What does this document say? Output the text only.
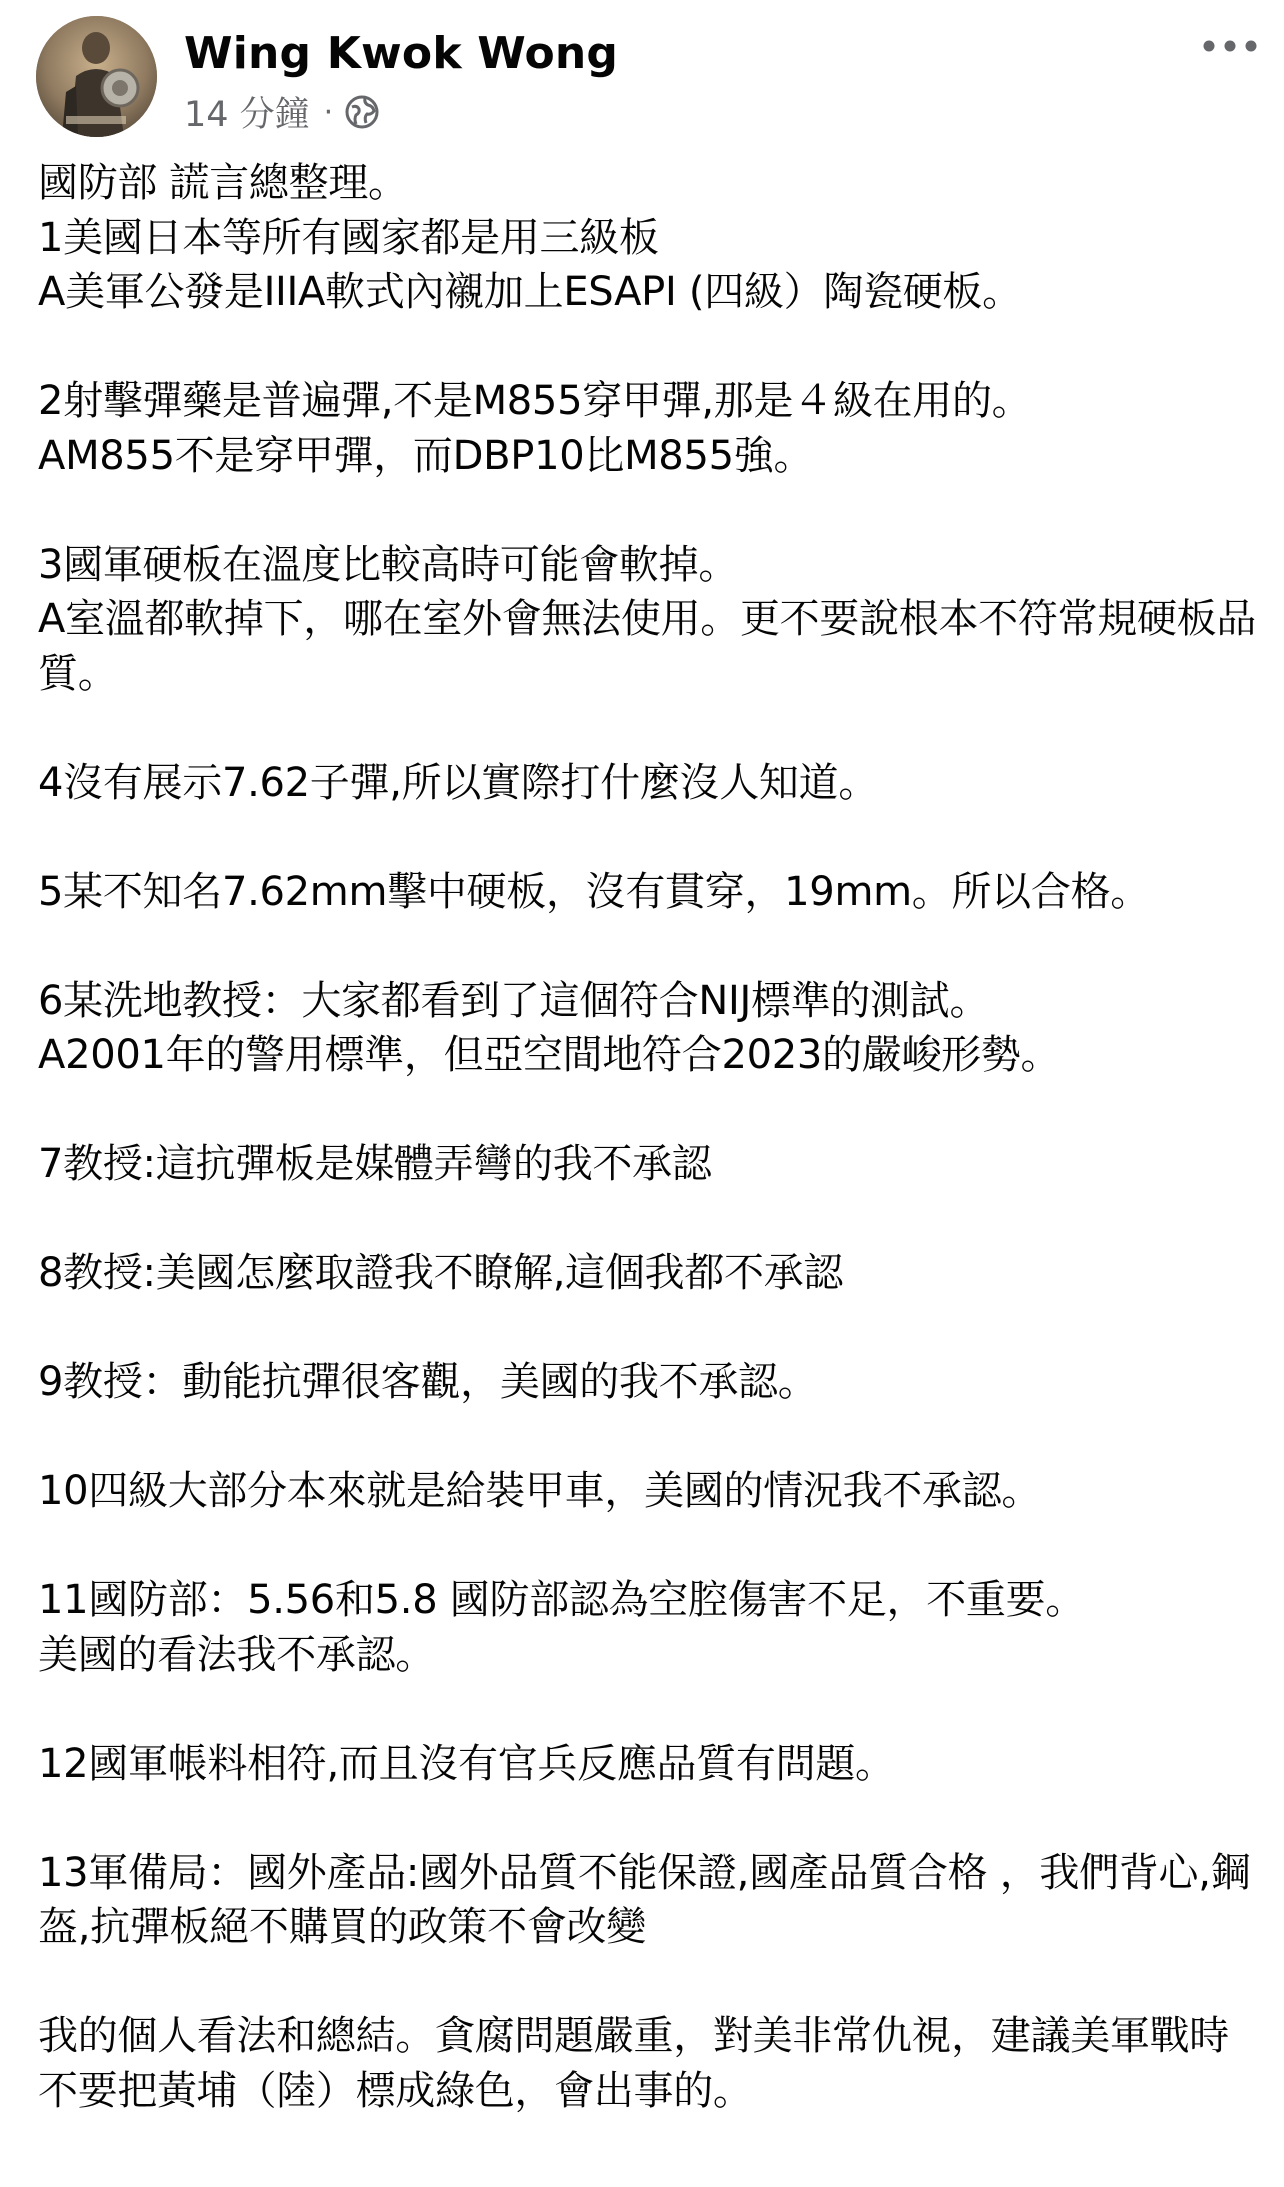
Wing Kwok Wong
14 分鐘 ·

國防部 謊言總整理。
1美國日本等所有國家都是用三級板
A美軍公發是IIIA軟式內襯加上ESAPI (四級）陶瓷硬板。

2射擊彈藥是普遍彈,不是M855穿甲彈,那是４級在用的。
AM855不是穿甲彈，而DBP10比M855強。

3國軍硬板在溫度比較高時可能會軟掉。
A室溫都軟掉下，哪在室外會無法使用。更不要說根本不符常規硬板品質。

4沒有展示7.62子彈,所以實際打什麼沒人知道。

5某不知名7.62mm擊中硬板，沒有貫穿，19mm。所以合格。

6某洗地教授：大家都看到了這個符合NIJ標準的測試。
A2001年的警用標準，但亞空間地符合2023的嚴峻形勢。

7教授:這抗彈板是媒體弄彎的我不承認

8教授:美國怎麼取證我不瞭解,這個我都不承認

9教授：動能抗彈很客觀，美國的我不承認。

10四級大部分本來就是給裝甲車，美國的情況我不承認。

11國防部：5.56和5.8 國防部認為空腔傷害不足，不重要。
美國的看法我不承認。

12國軍帳料相符,而且沒有官兵反應品質有問題。

13軍備局：國外產品:國外品質不能保證,國產品質合格 ，我們背心,鋼盔,抗彈板絕不購買的政策不會改變

我的個人看法和總結。貪腐問題嚴重，對美非常仇視，建議美軍戰時不要把黃埔（陸）標成綠色，會出事的。
